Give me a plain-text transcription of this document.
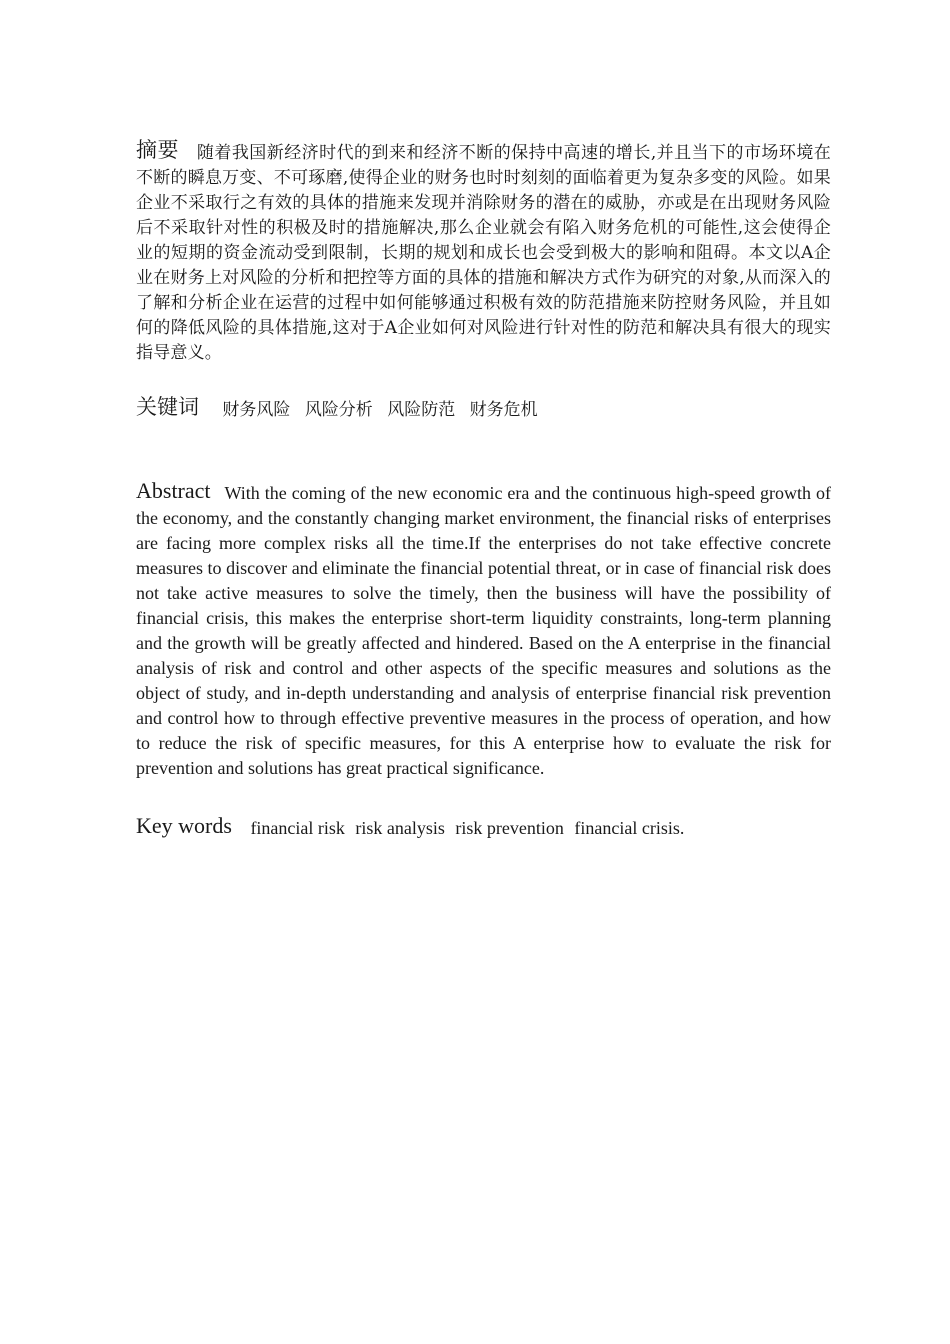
摘要 随着我国新经济时代的到来和经济不断的保持中高速的增长,并且当下的市场环境在不断的瞬息万变、不可琢磨,使得企业的财务也时时刻刻的面临着更为复杂多变的风险。如果企业不采取行之有效的具体的措施来发现并消除财务的潜在的威胁，亦或是在出现财务风险后不采取针对性的积极及时的措施解决,那么企业就会有陷入财务危机的可能性,这会使得企业的短期的资金流动受到限制，长期的规划和成长也会受到极大的影响和阻碍。本文以A企业在财务上对风险的分析和把控等方面的具体的措施和解决方式作为研究的对象,从而深入的了解和分析企业在运营的过程中如何能够通过积极有效的防范措施来防控财务风险，并且如何的降低风险的具体措施,这对于A企业如何对风险进行针对性的防范和解决具有很大的现实指导意义。
关键词 财务风险 风险分析 风险防范 财务危机
Abstract With the coming of the new economic era and the continuous high-speed growth of the economy, and the constantly changing market environment, the financial risks of enterprises are facing more complex risks all the time.If the enterprises do not take effective concrete measures to discover and eliminate the financial potential threat, or in case of financial risk does not take active measures to solve the timely, then the business will have the possibility of financial crisis, this makes the enterprise short-term liquidity constraints, long-term planning and the growth will be greatly affected and hindered. Based on the A enterprise in the financial analysis of risk and control and other aspects of the specific measures and solutions as the object of study, and in-depth understanding and analysis of enterprise financial risk prevention and control how to through effective preventive measures in the process of operation, and how to reduce the risk of specific measures, for this A enterprise how to evaluate the risk for prevention and solutions has great practical significance.
Key words financial risk risk analysis risk prevention financial crisis.
